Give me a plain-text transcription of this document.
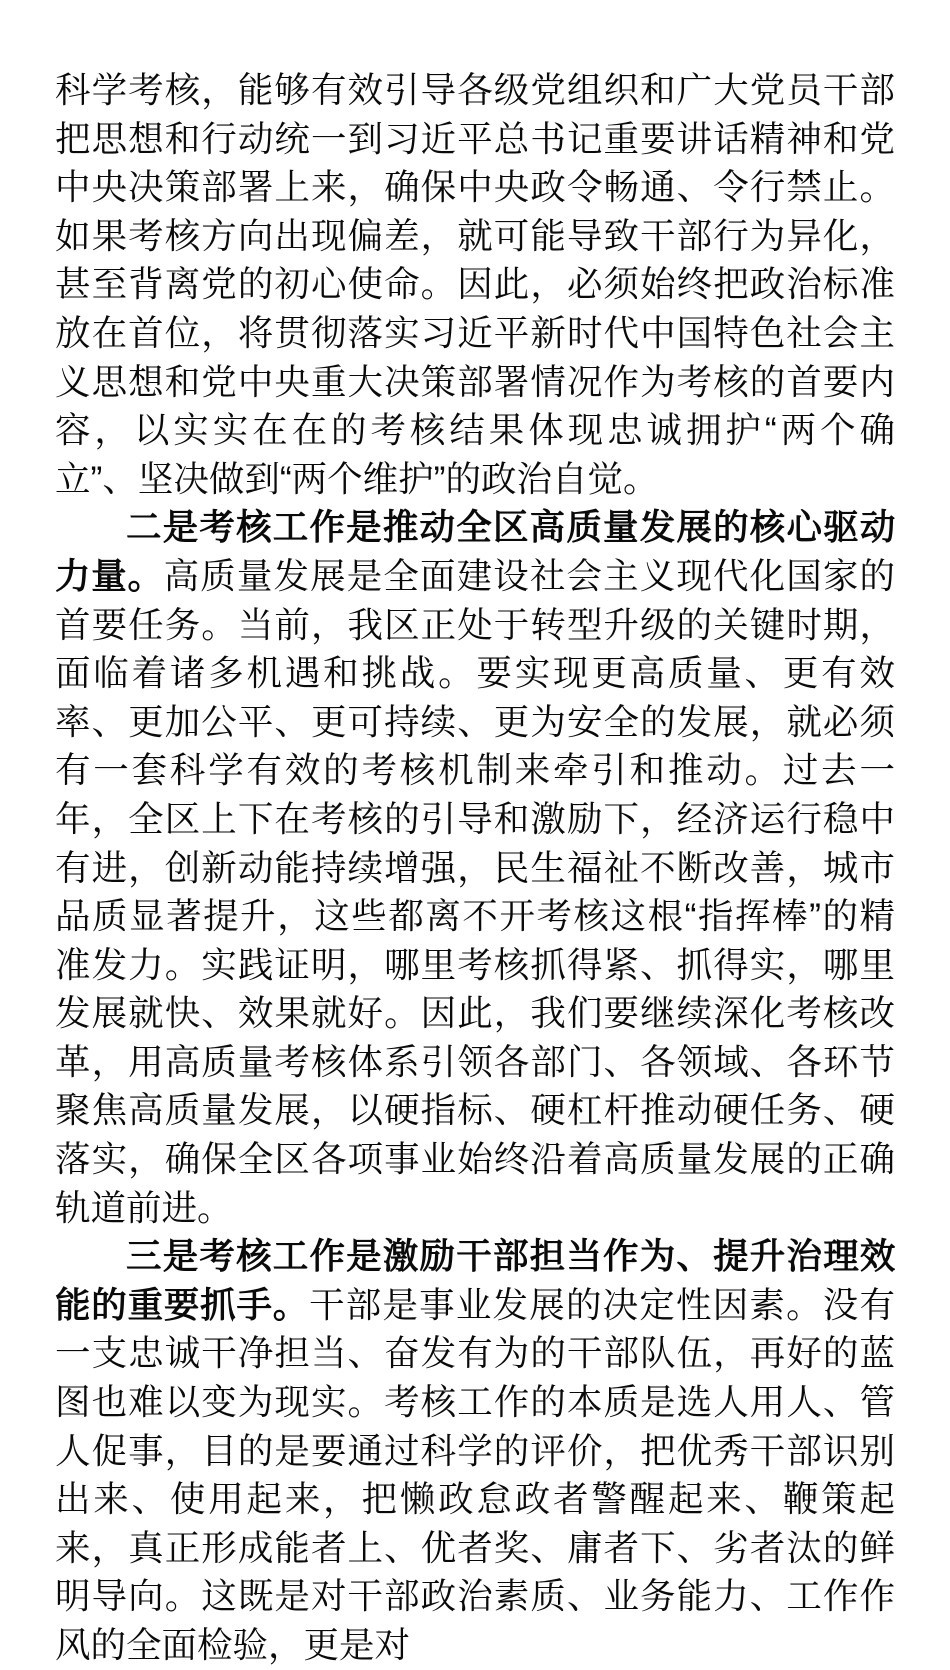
科学考核，能够有效引导各级党组织和广大党员干部把思想和行动统一到习近平总书记重要讲话精神和党中央决策部署上来，确保中央政令畅通、令行禁止。如果考核方向出现偏差，就可能导致干部行为异化，甚至背离党的初心使命。因此，必须始终把政治标准放在首位，将贯彻落实习近平新时代中国特色社会主义思想和党中央重大决策部署情况作为考核的首要内容，以实实在在的考核结果体现忠诚拥护“两个确立”、坚决做到“两个维护”的政治自觉。

二是考核工作是推动全区高质量发展的核心驱动力量。高质量发展是全面建设社会主义现代化国家的首要任务。当前，我区正处于转型升级的关键时期，面临着诸多机遇和挑战。要实现更高质量、更有效率、更加公平、更可持续、更为安全的发展，就必须有一套科学有效的考核机制来牵引和推动。过去一年，全区上下在考核的引导和激励下，经济运行稳中有进，创新动能持续增强，民生福祉不断改善，城市品质显著提升，这些都离不开考核这根“指挥棒”的精准发力。实践证明，哪里考核抓得紧、抓得实，哪里发展就快、效果就好。因此，我们要继续深化考核改革，用高质量考核体系引领各部门、各领域、各环节聚焦高质量发展，以硬指标、硬杠杆推动硬任务、硬落实，确保全区各项事业始终沿着高质量发展的正确轨道前进。

三是考核工作是激励干部担当作为、提升治理效能的重要抓手。干部是事业发展的决定性因素。没有一支忠诚干净担当、奋发有为的干部队伍，再好的蓝图也难以变为现实。考核工作的本质是选人用人、管人促事，目的是要通过科学的评价，把优秀干部识别出来、使用起来，把懒政怠政者警醒起来、鞭策起来，真正形成能者上、优者奖、庸者下、劣者汰的鲜明导向。这既是对干部政治素质、业务能力、工作作风的全面检验，更是对
